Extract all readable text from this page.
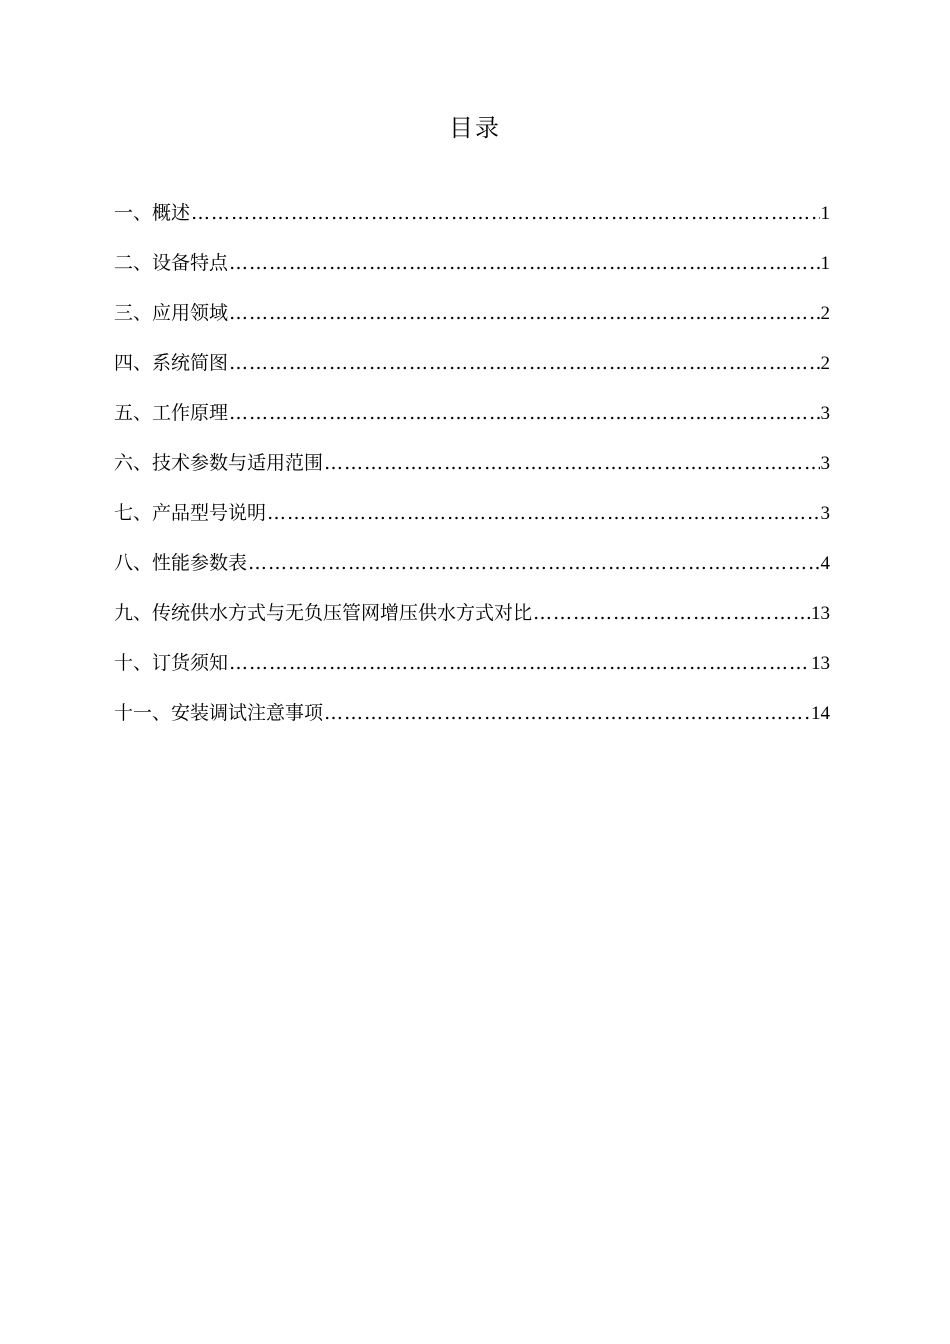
目录
一、概述 …………………………………………………………………………………………………………………………………………………………………………	1
二、设备特点 …………………………………………………………………………………………………………………………………………………………………………	1
三、应用领域 …………………………………………………………………………………………………………………………………………………………………………	2
四、系统简图 …………………………………………………………………………………………………………………………………………………………………………	2
五、工作原理 …………………………………………………………………………………………………………………………………………………………………………	3
六、技术参数与适用范围 …………………………………………………………………………………………………………………………………………………………………………	3
七、产品型号说明 …………………………………………………………………………………………………………………………………………………………………………	3
八、性能参数表 …………………………………………………………………………………………………………………………………………………………………………	4
九、传统供水方式与无负压管网增压供水方式对比 …………………………………………………………………………………………………………………………………………………………………………	13
十、订货须知 …………………………………………………………………………………………………………………………………………………………………………	13
十一、安装调试注意事项 …………………………………………………………………………………………………………………………………………………………………………	14
